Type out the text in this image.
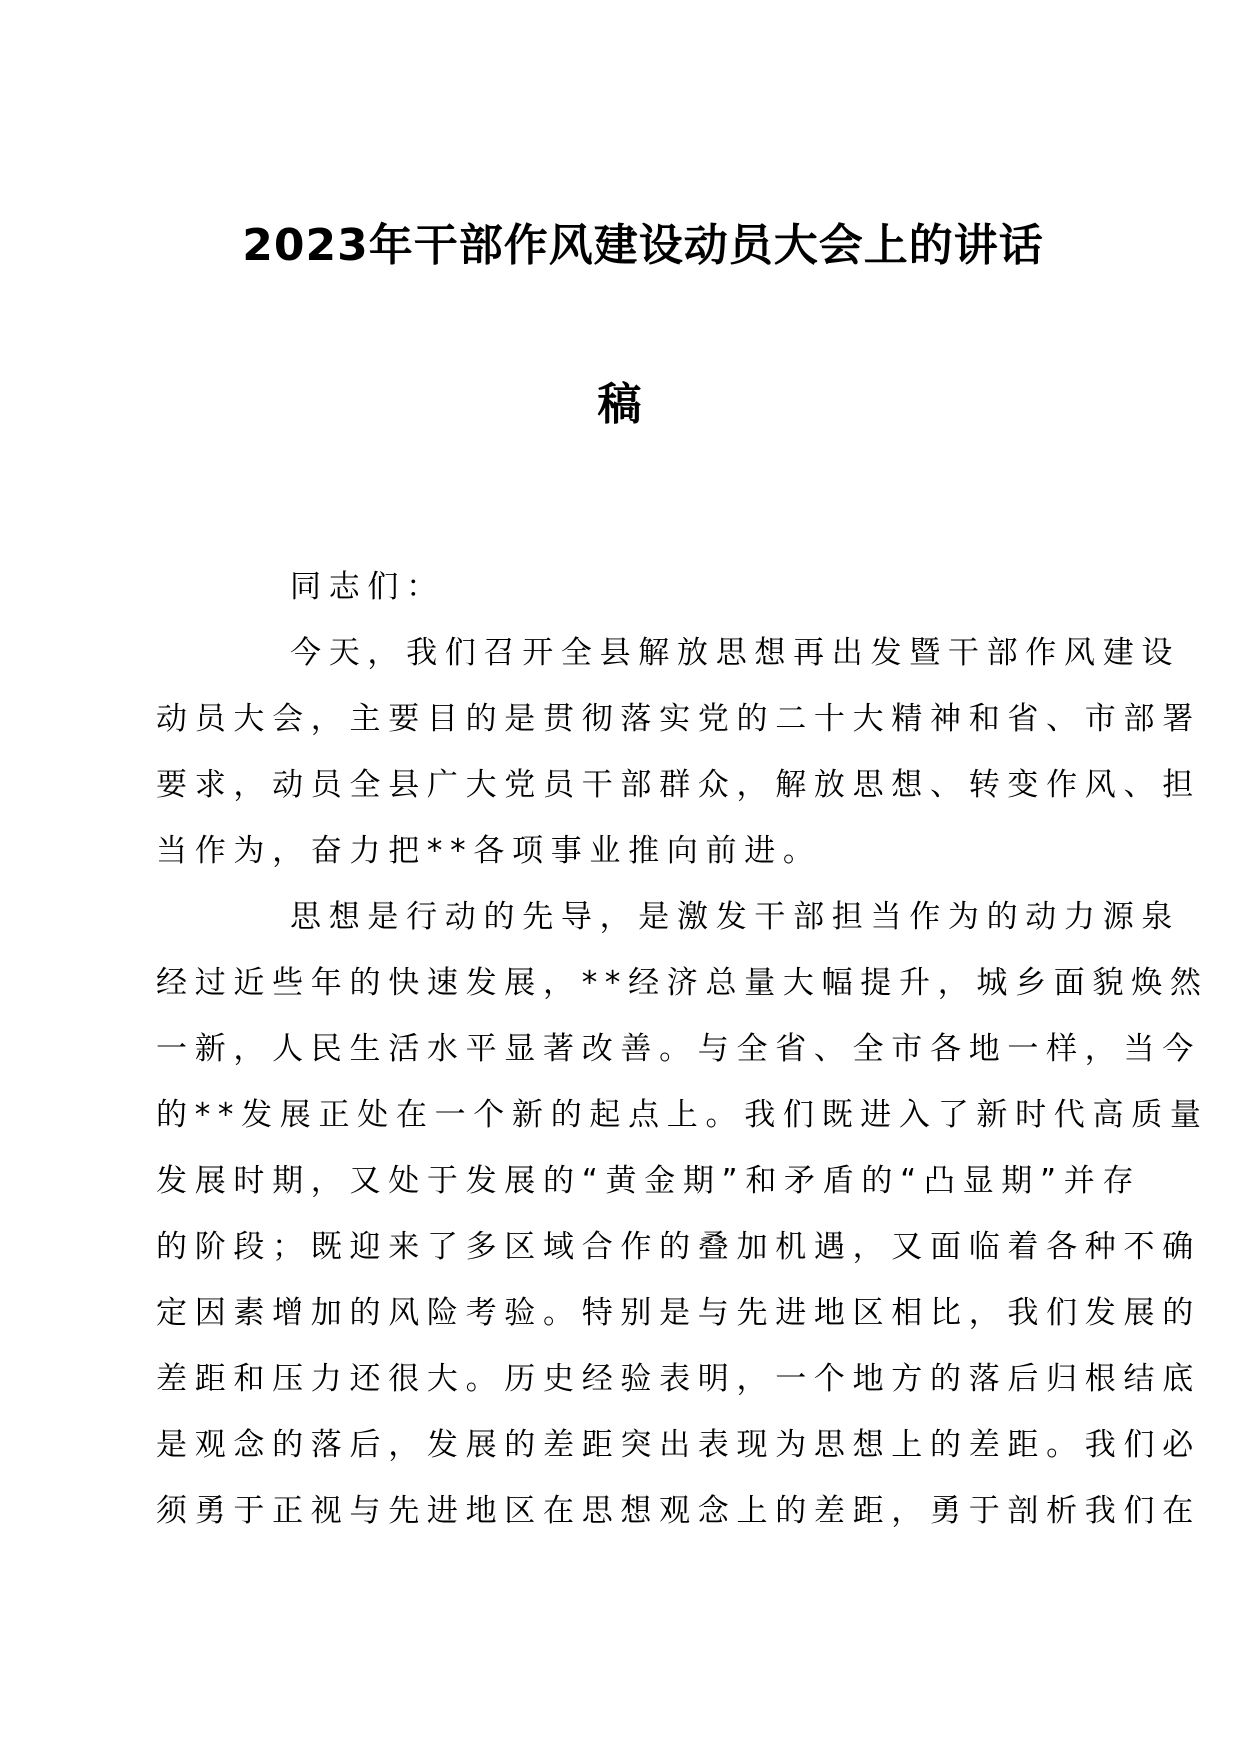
2023年干部作风建设动员大会上的讲话
稿
同志们：
今天，我们召开全县解放思想再出发暨干部作风建设
动员大会，主要目的是贯彻落实党的二十大精神和省、市部署
要求，动员全县广大党员干部群众，解放思想、转变作风、担
当作为，奋力把**各项事业推向前进。
思想是行动的先导，是激发干部担当作为的动力源泉
经过近些年的快速发展，**经济总量大幅提升，城乡面貌焕然
一新，人民生活水平显著改善。与全省、全市各地一样，当今
的**发展正处在一个新的起点上。我们既进入了新时代高质量
发展时期，又处于发展的“黄金期”和矛盾的“凸显期”并存
的阶段；既迎来了多区域合作的叠加机遇，又面临着各种不确
定因素增加的风险考验。特别是与先进地区相比，我们发展的
差距和压力还很大。历史经验表明，一个地方的落后归根结底
是观念的落后，发展的差距突出表现为思想上的差距。我们必
须勇于正视与先进地区在思想观念上的差距，勇于剖析我们在
